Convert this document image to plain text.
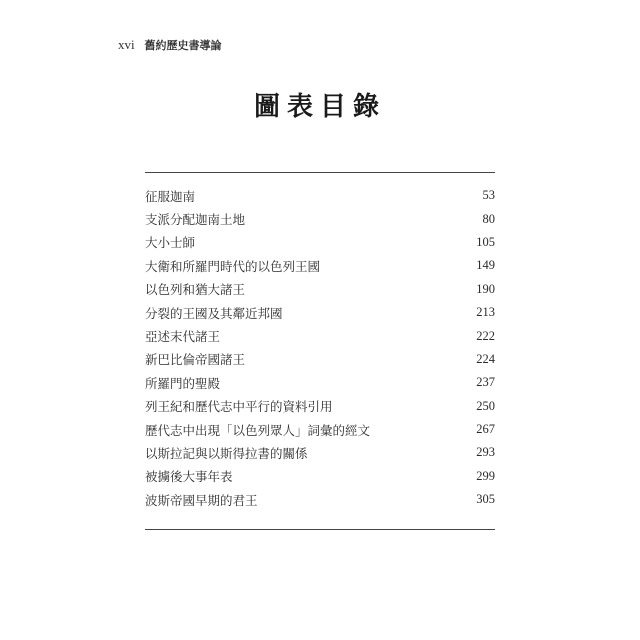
xvi 舊約歷史書導論
圖表目錄
征服迦南	53
支派分配迦南土地	80
大小士師	105
大衛和所羅門時代的以色列王國	149
以色列和猶大諸王	190
分裂的王國及其鄰近邦國	213
亞述末代諸王	222
新巴比倫帝國諸王	224
所羅門的聖殿	237
列王紀和歷代志中平行的資料引用	250
歷代志中出現「以色列眾人」詞彙的經文	267
以斯拉記與以斯得拉書的關係	293
被擄後大事年表	299
波斯帝國早期的君王	305
